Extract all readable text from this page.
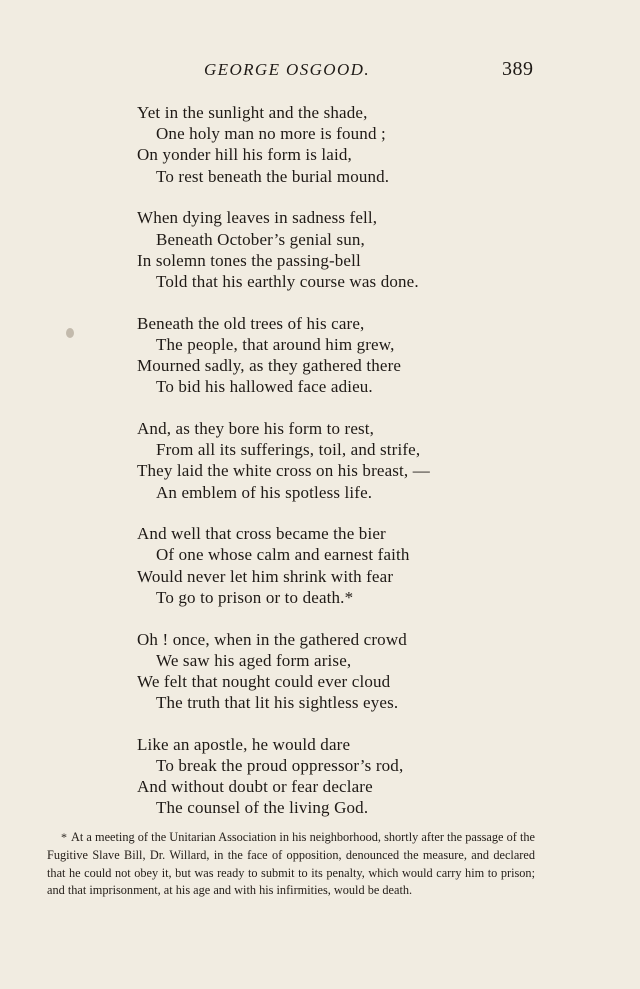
GEORGE OSGOOD.	389
Yet in the sunlight and the shade,
One holy man no more is found ;
On yonder hill his form is laid,
To rest beneath the burial mound.
When dying leaves in sadness fell,
Beneath October’s genial sun,
In solemn tones the passing-bell
Told that his earthly course was done.
Beneath the old trees of his care,
The people, that around him grew,
Mourned sadly, as they gathered there
To bid his hallowed face adieu.
And, as they bore his form to rest,
From all its sufferings, toil, and strife,
They laid the white cross on his breast, —
An emblem of his spotless life.
And well that cross became the bier
Of one whose calm and earnest faith
Would never let him shrink with fear
To go to prison or to death.*
Oh ! once, when in the gathered crowd
We saw his aged form arise,
We felt that nought could ever cloud
The truth that lit his sightless eyes.
Like an apostle, he would dare
To break the proud oppressor’s rod,
And without doubt or fear declare
The counsel of the living God.
* At a meeting of the Unitarian Association in his neighborhood, shortly after the passage of the Fugitive Slave Bill, Dr. Willard, in the face of opposition, denounced the measure, and declared that he could not obey it, but was ready to submit to its penalty, which would carry him to prison; and that imprisonment, at his age and with his infirmities, would be death.
